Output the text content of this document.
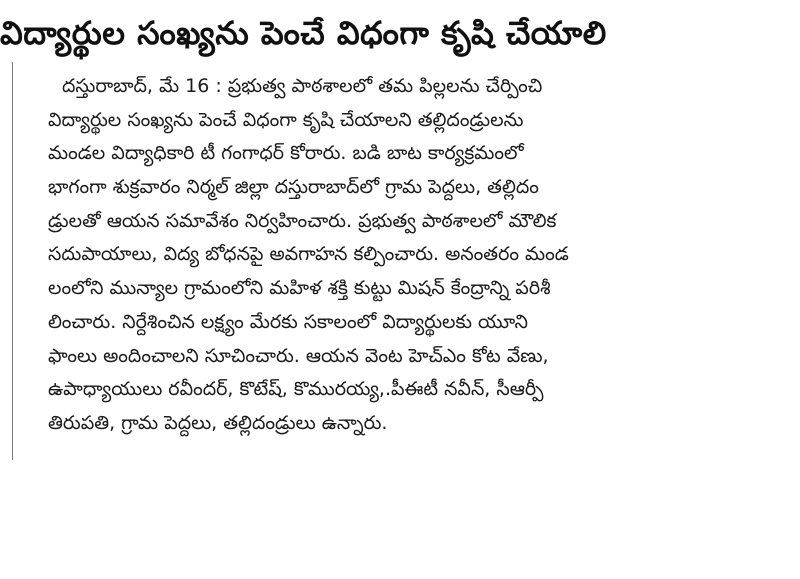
విద్యార్థుల సంఖ్యను పెంచే విధంగా కృషి చేయాలి
దస్తురాబాద్, మే 16 : ప్రభుత్వ పాఠశాలలో తమ పిల్లలను చేర్పించి
విద్యార్థుల సంఖ్యను పెంచే విధంగా కృషి చేయాలని తల్లిదండ్రులను
మండల విద్యాధికారి టీ గంగాధర్ కోరారు. బడి బాట కార్యక్రమంలో
భాగంగా శుక్రవారం నిర్మల్ జిల్లా దస్తురాబాద్‌లో గ్రామ పెద్దలు, తల్లిదం
డ్రులతో ఆయన సమావేశం నిర్వహించారు. ప్రభుత్వ పాఠశాలలో మౌలిక
సదుపాయాలు, విద్య బోధనపై అవగాహన కల్పించారు. అనంతరం మండ
లంలోని మున్యాల గ్రామంలోని మహిళ శక్తి కుట్టు మిషన్ కేంద్రాన్ని పరిశీ
లించారు. నిర్దేశించిన లక్ష్యం మేరకు సకాలంలో విద్యార్థులకు యూని
ఫాంలు అందించాలని సూచించారు. ఆయన వెంట హెచ్ఎం కోట వేణు,
ఉపాధ్యాయులు రవీందర్, కొటేష్, కొమురయ్య,.పీఈటీ నవీన్, సీఆర్పీ
తిరుపతి, గ్రామ పెద్దలు, తల్లిదండ్రులు ఉన్నారు.
